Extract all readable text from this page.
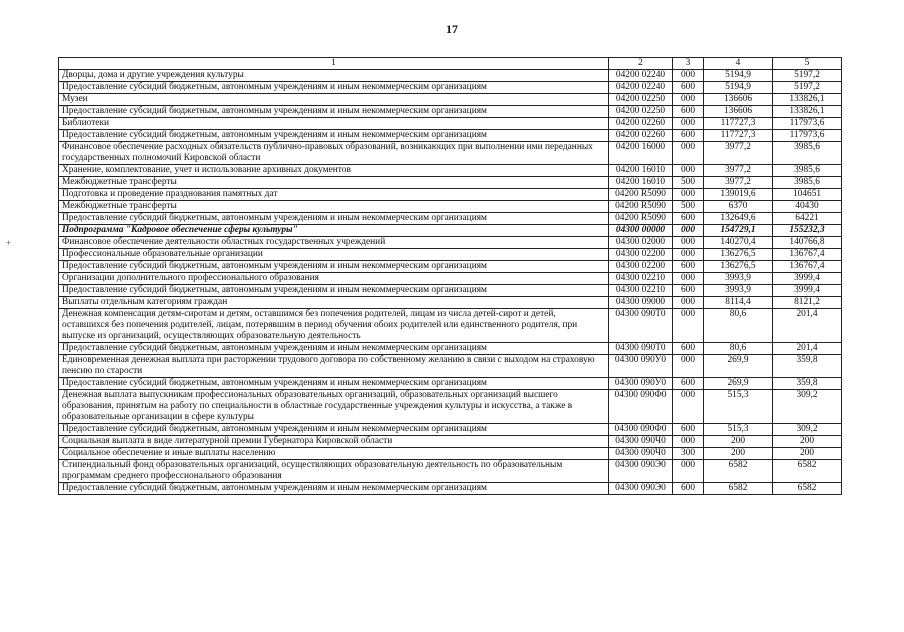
17
+
1	2	3	4	5
Дворцы, дома и другие учреждения культуры	04200 02240	000	5194,9	5197,2
Предоставление субсидий бюджетным, автономным учреждениям и иным некоммерческим организациям	04200 02240	600	5194,9	5197,2
Музеи	04200 02250	000	136606	133826,1
Предоставление субсидий бюджетным, автономным учреждениям и иным некоммерческим организациям	04200 02250	600	136606	133826,1
Библиотеки	04200 02260	000	117727,3	117973,6
Предоставление субсидий бюджетным, автономным учреждениям и иным некоммерческим организациям	04200 02260	600	117727,3	117973,6
Финансовое обеспечение расходных обязательств публично-правовых образований, возникающих при выполнении ими переданных государственных полномочий Кировской области	04200 16000	000	3977,2	3985,6
Хранение, комплектование, учет и использование архивных документов	04200 16010	000	3977,2	3985,6
Межбюджетные трансферты	04200 16010	500	3977,2	3985,6
Подготовка и проведение празднования памятных дат	04200 R5090	000	139019,6	104651
Межбюджетные трансферты	04200 R5090	500	6370	40430
Предоставление субсидий бюджетным, автономным учреждениям и иным некоммерческим организациям	04200 R5090	600	132649,6	64221
Подпрограмма "Кадровое обеспечение сферы культуры"	04300 00000	000	154729,1	155232,3
Финансовое обеспечение деятельности областных государственных учреждений	04300 02000	000	140270,4	140766,8
Профессиональные образовательные организации	04300 02200	000	136276,5	136767,4
Предоставление субсидий бюджетным, автономным учреждениям и иным некоммерческим организациям	04300 02200	600	136276,5	136767,4
Организации дополнительного профессионального образования	04300 02210	000	3993,9	3999,4
Предоставление субсидий бюджетным, автономным учреждениям и иным некоммерческим организациям	04300 02210	600	3993,9	3999,4
Выплаты отдельным категориям граждан	04300 09000	000	8114,4	8121,2
Денежная компенсация детям-сиротам и детям, оставшимся без попечения родителей, лицам из числа детей-сирот и детей, оставшихся без попечения родителей, лицам, потерявшим в период обучения обоих родителей или единственного родителя, при выпуске из организаций, осуществляющих образовательную деятельность	04300 090Т0	000	80,6	201,4
Предоставление субсидий бюджетным, автономным учреждениям и иным некоммерческим организациям	04300 090Т0	600	80,6	201,4
Единовременная денежная выплата при расторжении трудового договора по собственному желанию в связи с выходом на страховую пенсию по старости	04300 090У0	000	269,9	359,8
Предоставление субсидий бюджетным, автономным учреждениям и иным некоммерческим организациям	04300 090У0	600	269,9	359,8
Денежная выплата выпускникам профессиональных образовательных организаций, образовательных организаций высшего образования, принятым на работу по специальности в областные государственные учреждения культуры и искусства, а также в образовательные организации в сфере культуры	04300 090Ф0	000	515,3	309,2
Предоставление субсидий бюджетным, автономным учреждениям и иным некоммерческим организациям	04300 090Ф0	600	515,3	309,2
Социальная выплата в виде литературной премии Губернатора Кировской области	04300 090Ч0	000	200	200
Социальное обеспечение и иные выплаты населению	04300 090Ч0	300	200	200
Стипендиальный фонд образовательных организаций, осуществляющих образовательную деятельность по образовательным программам среднего профессионального образования	04300 090Э0	000	6582	6582
Предоставление субсидий бюджетным, автономным учреждениям и иным некоммерческим организациям	04300 090Э0	600	6582	6582
